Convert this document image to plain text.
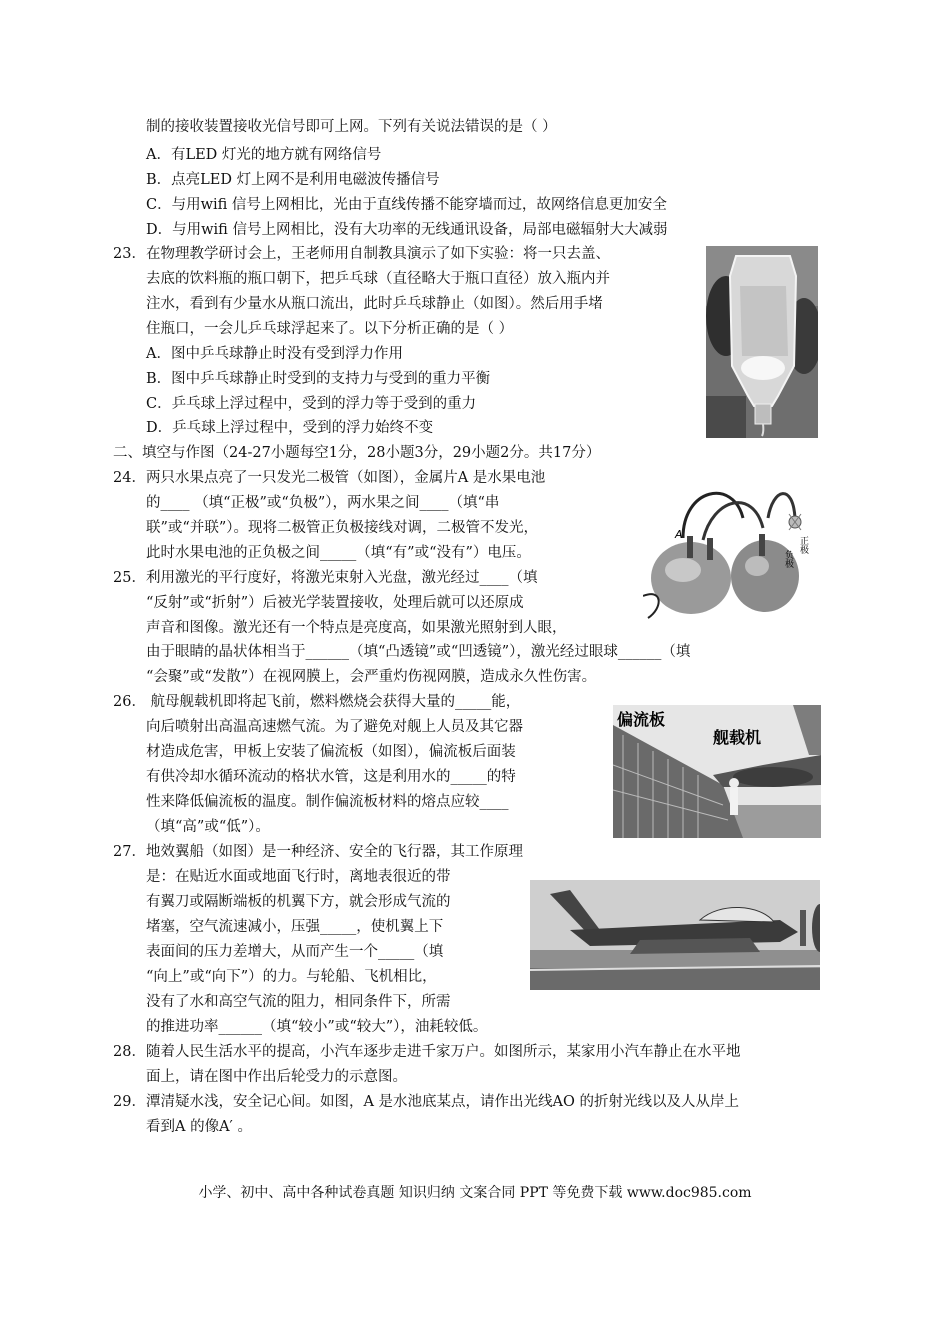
制的接收装置接收光信号即可上网。下列有关说法错误的是（ ）
A．有LED 灯光的地方就有网络信号
B．点亮LED 灯上网不是利用电磁波传播信号
C．与用wifi 信号上网相比，光由于直线传播不能穿墙而过，故网络信息更加安全
D．与用wifi 信号上网相比，没有大功率的无线通讯设备，局部电磁辐射大大减弱
23．在物理教学研讨会上，王老师用自制教具演示了如下实验：将一只去盖、
去底的饮料瓶的瓶口朝下，把乒乓球（直径略大于瓶口直径）放入瓶内并
注水，看到有少量水从瓶口流出，此时乒乓球静止（如图）。然后用手堵
住瓶口，一会儿乒乓球浮起来了。以下分析正确的是（ ）
A．图中乒乓球静止时没有受到浮力作用
B．图中乒乓球静止时受到的支持力与受到的重力平衡
C．乒乓球上浮过程中，受到的浮力等于受到的重力
D．乒乓球上浮过程中，受到的浮力始终不变
二、填空与作图（24-27小题每空1分，28小题3分，29小题2分。共17分）
24．两只水果点亮了一只发光二极管（如图），金属片A 是水果电池
的____ （填“正极”或“负极”），两水果之间____（填“串
联”或“并联”）。现将二极管正负极接线对调，二极管不发光，
此时水果电池的正负极之间_____（填“有”或“没有”）电压。
25．利用激光的平行度好，将激光束射入光盘，激光经过____（填
“反射”或“折射”）后被光学装置接收，处理后就可以还原成
声音和图像。激光还有一个特点是亮度高，如果激光照射到人眼，
由于眼睛的晶状体相当于______（填“凸透镜”或“凹透镜”），激光经过眼球______（填
“会聚”或“发散”）在视网膜上，会严重灼伤视网膜，造成永久性伤害。
26． 航母舰载机即将起飞前，燃料燃烧会获得大量的_____能，
向后喷射出高温高速燃气流。为了避免对舰上人员及其它器
材造成危害，甲板上安装了偏流板（如图），偏流板后面装
有供冷却水循环流动的格状水管，这是利用水的_____的特
性来降低偏流板的温度。制作偏流板材料的熔点应较____
（填“高”或“低”）。
27．地效翼船（如图）是一种经济、安全的飞行器，其工作原理
是：在贴近水面或地面飞行时，离地表很近的带
有翼刀或隔断端板的机翼下方，就会形成气流的
堵塞，空气流速减小，压强_____，使机翼上下
表面间的压力差增大，从而产生一个_____（填
“向上”或“向下”）的力。与轮船、飞机相比，
没有了水和高空气流的阻力，相同条件下，所需
的推进功率______（填“较小”或“较大”），油耗较低。
28．随着人民生活水平的提高，小汽车逐步走进千家万户。如图所示，某家用小汽车静止在水平地
面上，请在图中作出后轮受力的示意图。
29．潭清疑水浅，安全记心间。如图，A 是水池底某点，请作出光线AO 的折射光线以及人从岸上
看到A 的像A′ 。
A
负极
正极
偏流板
舰载机
小学、初中、高中各种试卷真题 知识归纳 文案合同 PPT 等免费下载 www.doc985.com
